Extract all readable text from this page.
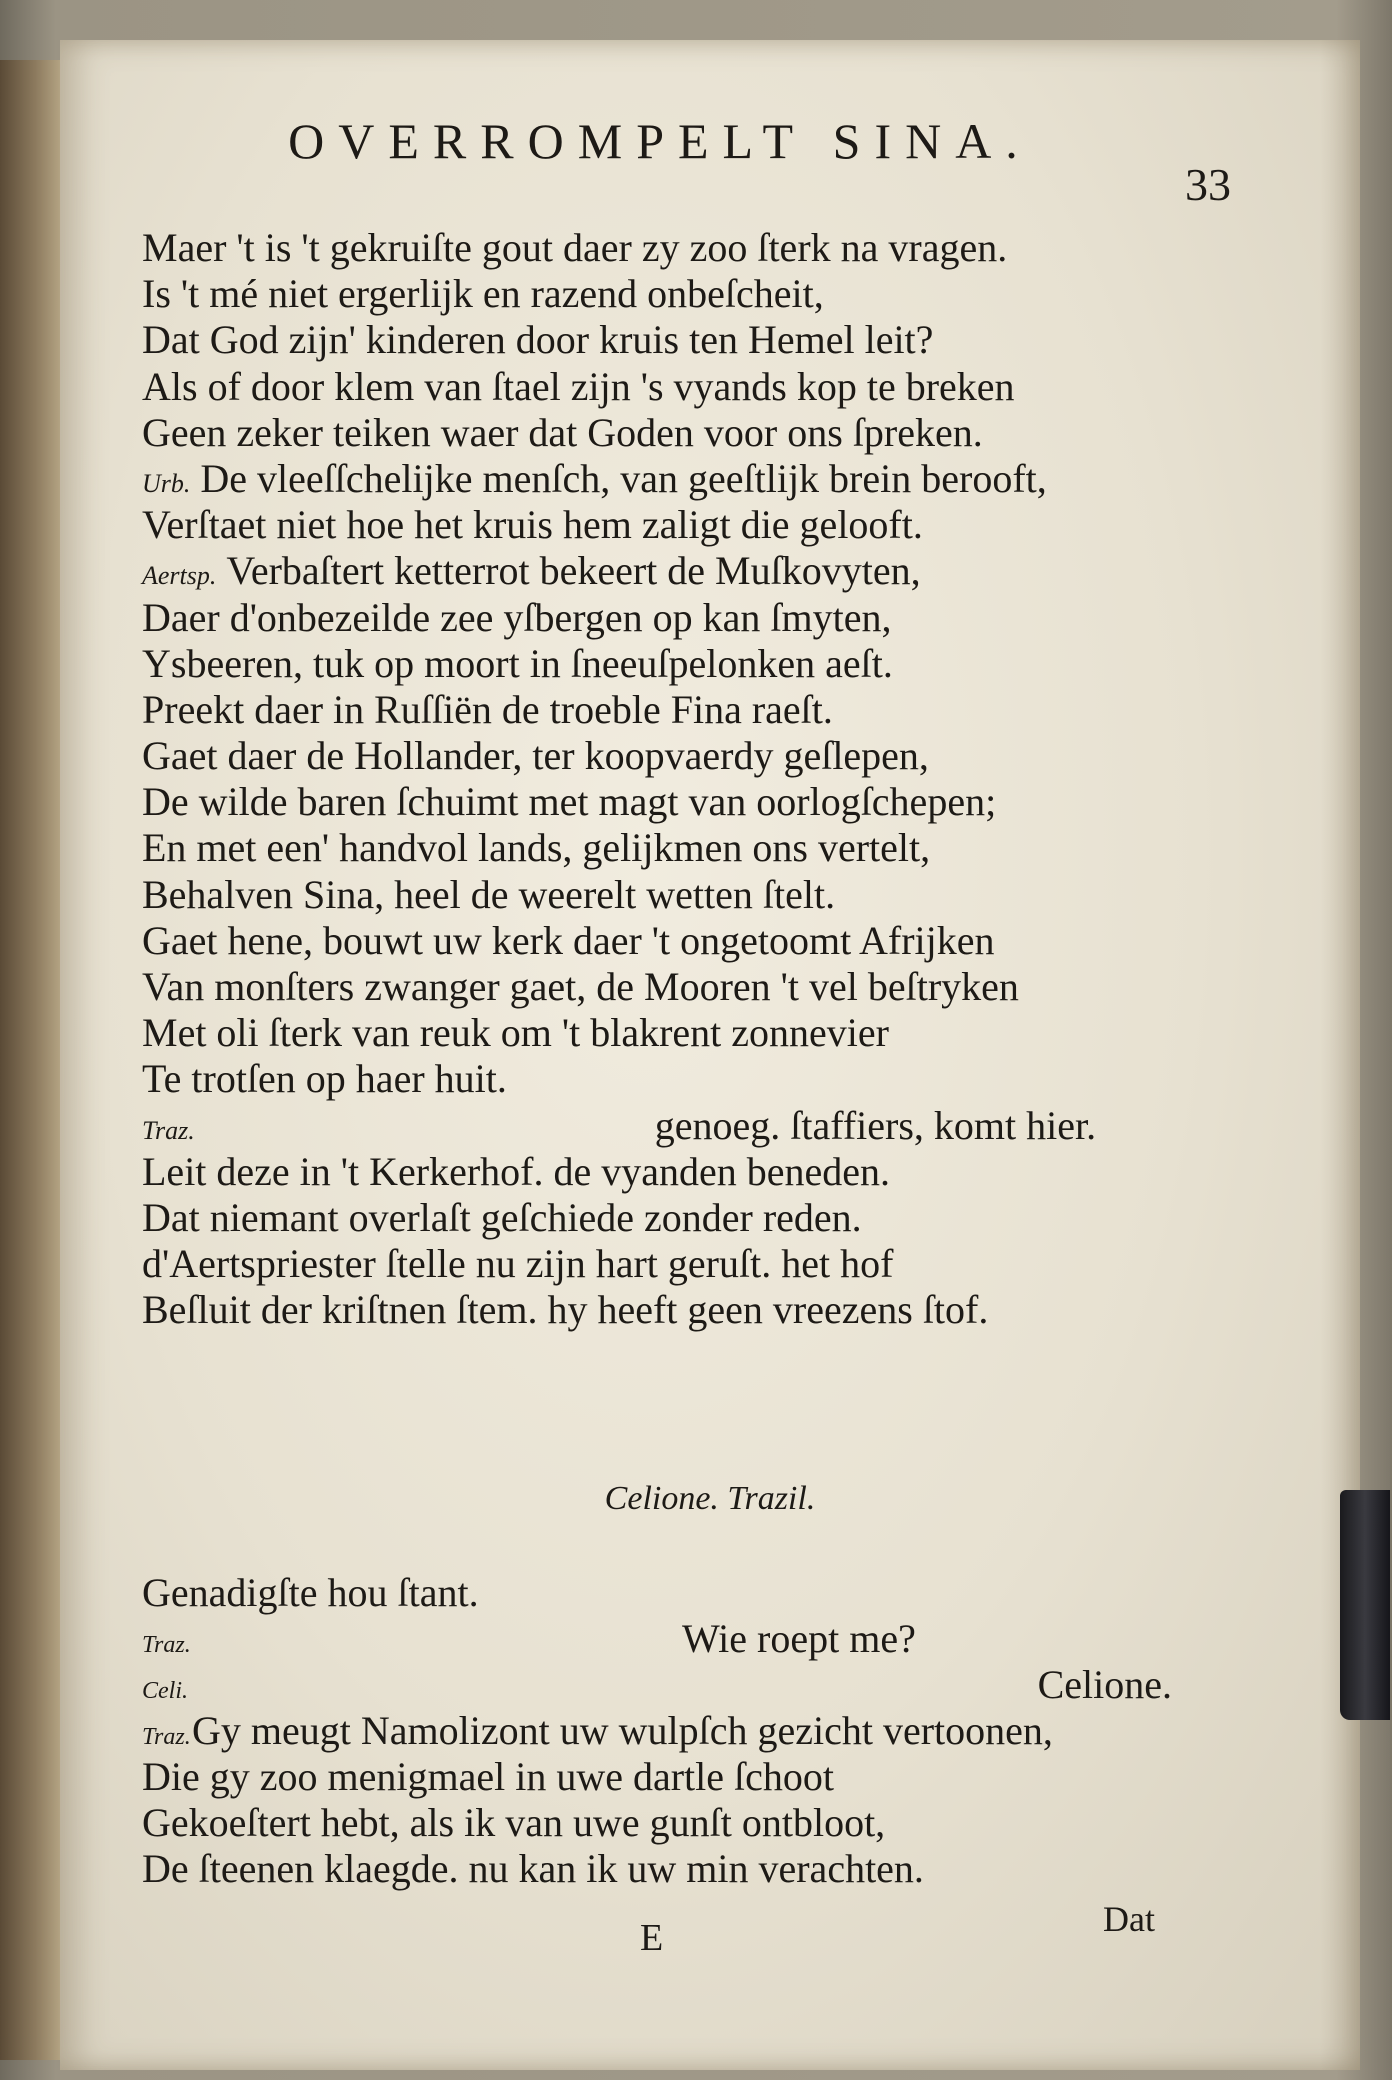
OVERROMPELT SINA.
33
Maer 't is 't gekruiſte gout daer zy zoo ſterk na vragen.
Is 't mé niet ergerlijk en razend onbeſcheit,
Dat God zijn' kinderen door kruis ten Hemel leit?
Als of door klem van ſtael zijn 's vyands kop te breken
Geen zeker teiken waer dat Goden voor ons ſpreken.
Urb. De vleeſſchelijke menſch, van geeſtlijk brein berooft,
Verſtaet niet hoe het kruis hem zaligt die gelooft.
Aertsp. Verbaſtert ketterrot bekeert de Muſkovyten,
Daer d'onbezeilde zee yſbergen op kan ſmyten,
Ysbeeren, tuk op moort in ſneeuſpelonken aeſt.
Preekt daer in Ruſſiën de troeble Fina raeſt.
Gaet daer de Hollander, ter koopvaerdy geſlepen,
De wilde baren ſchuimt met magt van oorlogſchepen;
En met een' handvol lands, gelijkmen ons vertelt,
Behalven Sina, heel de weerelt wetten ſtelt.
Gaet hene, bouwt uw kerk daer 't ongetoomt Afrijken
Van monſters zwanger gaet, de Mooren 't vel beſtryken
Met oli ſterk van reuk om 't blakrent zonnevier
Te trotſen op haer huit.
Traz.	genoeg. ſtaffiers, komt hier.
Leit deze in 't Kerkerhof. de vyanden beneden.
Dat niemant overlaſt geſchiede zonder reden.
d'Aertspriester ſtelle nu zijn hart geruſt. het hof
Beſluit der kriſtnen ſtem. hy heeft geen vreezens ſtof.
Celione. Trazil.
Genadigſte hou ſtant.
Traz.	Wie roept me?
Celi.	Celione.
Traz.Gy meugt Namolizont uw wulpſch gezicht vertoonen,
Die gy zoo menigmael in uwe dartle ſchoot
Gekoeſtert hebt, als ik van uwe gunſt ontbloot,
De ſteenen klaegde. nu kan ik uw min verachten.
E	Dat
